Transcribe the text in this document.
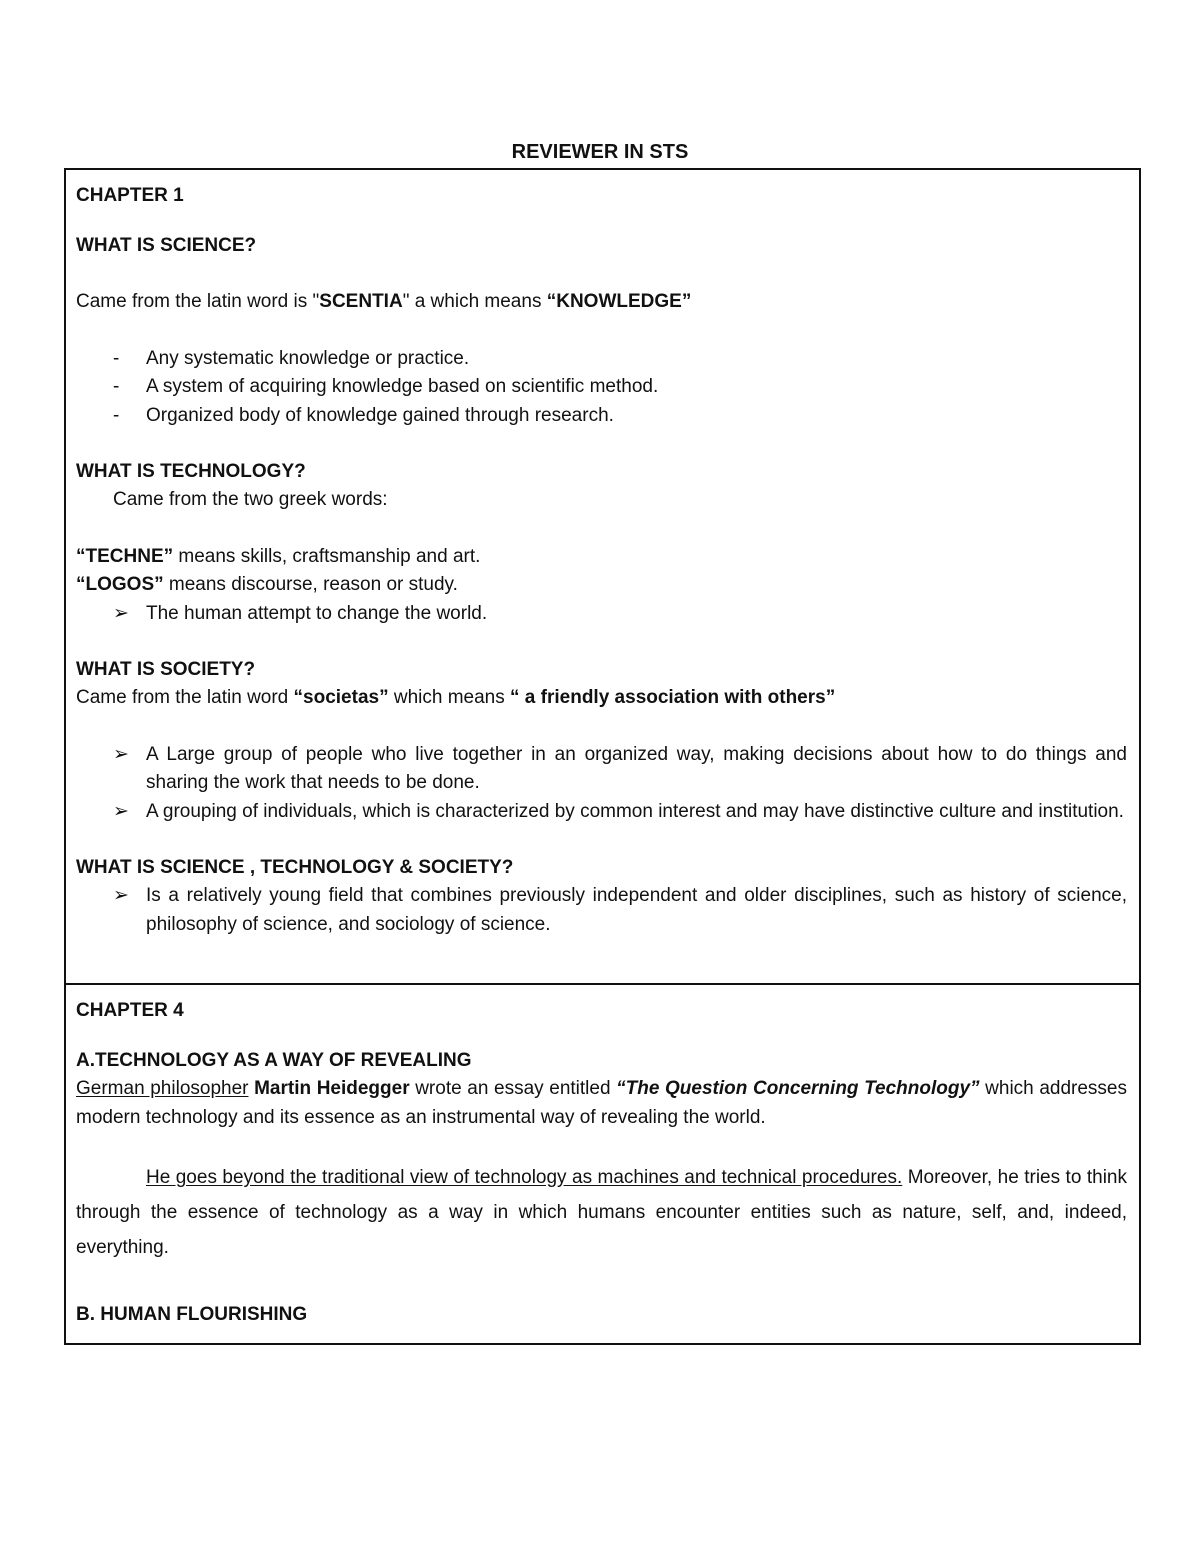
REVIEWER IN STS
CHAPTER 1
WHAT IS SCIENCE?

Came from the latin word is "SCENTIA" a which means “KNOWLEDGE”

- Any systematic knowledge or practice.
- A system of acquiring knowledge based on scientific method.
- Organized body of knowledge gained through research.
WHAT IS TECHNOLOGY?

Came from the two greek words:

“TECHNE” means skills, craftsmanship and art.

“LOGOS” means discourse, reason or study.

➢ The human attempt to change the world.
WHAT IS SOCIETY?

Came from the latin word “societas” which means “ a friendly association with others”

➢ A Large group of people who live together in an organized way, making decisions about how to do things and sharing the work that needs to be done.
➢ A grouping of individuals, which is characterized by common interest and may have distinctive culture and institution.
WHAT IS SCIENCE , TECHNOLOGY & SOCIETY?
➢ Is a relatively young field that combines previously independent and older disciplines, such as history of science, philosophy of science, and sociology of science.
CHAPTER 4
A.TECHNOLOGY AS A WAY OF REVEALING

German philosopher Martin Heidegger wrote an essay entitled “The Question Concerning Technology” which addresses modern technology and its essence as an instrumental way of revealing the world.

He goes beyond the traditional view of technology as machines and technical procedures. Moreover, he tries to think through the essence of technology as a way in which humans encounter entities such as nature, self, and, indeed, everything.

B. HUMAN FLOURISHING
